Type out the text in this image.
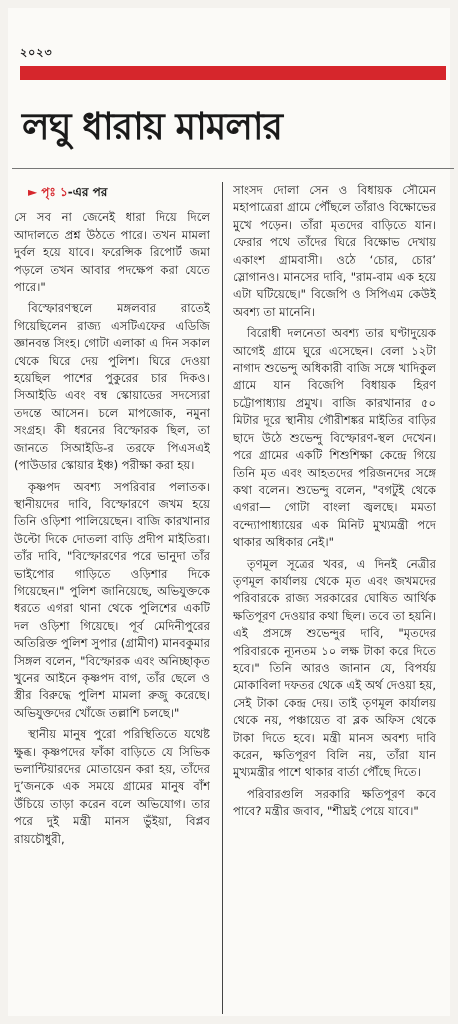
২০২৩
লঘু ধারায় মামলার
► পৃঃ ১-এর পর

সে সব না জেনেই ধারা দিয়ে দিলে আদালতে প্রশ্ন উঠতে পারে। তখন মামলা দুর্বল হয়ে যাবে। ফরেন্সিক রিপোর্ট জমা পড়লে তখন আবার পদক্ষেপ করা যেতে পারে।"

বিস্ফোরণস্থলে মঙ্গলবার রাতেই গিয়েছিলেন রাজ্য এসটিএফের এডিজি জ্ঞানবন্ত সিংহ। গোটা এলাকা এ দিন সকাল থেকে ঘিরে দেয় পুলিশ। ঘিরে দেওয়া হয়েছিল পাশের পুকুরের চার দিকও। সিআইডি এবং বম্ব স্কোয়াডের সদস্যেরা তদন্তে আসেন। চলে মাপজোক, নমুনা সংগ্রহ। কী ধরনের বিস্ফোরক ছিল, তা জানতে সিআইডি-র তরফে পিএসএই (পাউডার স্কোয়ার ইঞ্চ) পরীক্ষা করা হয়।

কৃষ্ণপদ অবশ্য সপরিবার পলাতক। স্থানীয়দের দাবি, বিস্ফোরণে জখম হয়ে তিনি ওড়িশা পালিয়েছেন। বাজি কারখানার উল্টো দিকে দোতলা বাড়ি প্রদীপ মাইতিরা। তাঁর দাবি, "বিস্ফোরণের পরে ভানুদা তাঁর ভাইপোর গাড়িতে ওড়িশার দিকে গিয়েছেন।" পুলিশ জানিয়েছে, অভিযুক্তকে ধরতে এগরা থানা থেকে পুলিশের একটি দল ওড়িশা গিয়েছে। পূর্ব মেদিনীপুরের অতিরিক্ত পুলিশ সুপার (গ্রামীণ) মানবকুমার সিঙ্গল বলেন, "বিস্ফোরক এবং অনিচ্ছাকৃত খুনের আইনে কৃষ্ণপদ বাগ, তাঁর ছেলে ও স্ত্রীর বিরুদ্ধে পুলিশ মামলা রুজু করেছে। অভিযুক্তদের খোঁজে তল্লাশি চলছে।"

স্থানীয় মানুষ পুরো পরিস্থিতিতে যথেষ্ট ক্ষুব্ধ। কৃষ্ণপদের ফাঁকা বাড়িতে যে সিভিক ভলান্টিয়ারদের মোতায়েন করা হয়, তাঁদের দু’জনকে এক সময়ে গ্রামের মানুষ বাঁশ উঁচিয়ে তাড়া করেন বলে অভিযোগ। তার পরে দুই মন্ত্রী মানস ভুঁইয়া, বিপ্লব রায়চৌধুরী,

সাংসদ দোলা সেন ও বিধায়ক সৌমেন মহাপাত্রেরা গ্রামে পৌঁছলে তাঁরাও বিক্ষোভের মুখে পড়েন। তাঁরা মৃতদের বাড়িতে যান। ফেরার পথে তাঁদের ঘিরে বিক্ষোভ দেখায় একাংশ গ্রামবাসী। ওঠে ‘চোর, চোর’ স্লোগানও। মানসের দাবি, "রাম-বাম এক হয়ে এটা ঘটিয়েছে।" বিজেপি ও সিপিএম কেউই অবশ্য তা মানেনি।

বিরোধী দলনেতা অবশ্য তার ঘণ্টাদুয়েক আগেই গ্রামে ঘুরে এসেছেন। বেলা ১২টা নাগাদ শুভেন্দু অধিকারী বাজি সঙ্গে খাদিকুল গ্রামে যান বিজেপি বিধায়ক হিরণ চট্টোপাধ্যায় প্রমুখ। বাজি কারখানার ৫০ মিটার দূরে স্থানীয় গৌরীশঙ্কর মাইতির বাড়ির ছাদে উঠে শুভেন্দু বিস্ফোরণ-স্থল দেখেন। পরে গ্রামের একটি শিশুশিক্ষা কেন্দ্রে গিয়ে তিনি মৃত এবং আহতদের পরিজনদের সঙ্গে কথা বলেন। শুভেন্দু বলেন, "বগটুই থেকে এগরা— গোটা বাংলা জ্বলছে। মমতা বন্দ্যোপাধ্যায়ের এক মিনিট মুখ্যমন্ত্রী পদে থাকার অধিকার নেই।"

তৃণমূল সূত্রের খবর, এ দিনই নেত্রীর তৃণমূল কার্যালয় থেকে মৃত এবং জখমদের পরিবারকে রাজ্য সরকারের ঘোষিত আর্থিক ক্ষতিপূরণ দেওয়ার কথা ছিল। তবে তা হয়নি। এই প্রসঙ্গে শুভেন্দুর দাবি, "মৃতদের পরিবারকে ন্যূনতম ১০ লক্ষ টাকা করে দিতে হবে।" তিনি আরও জানান যে, বিপর্যয় মোকাবিলা দফতর থেকে এই অর্থ দেওয়া হয়, সেই টাকা কেন্দ্র দেয়। তাই তৃণমূল কার্যালয় থেকে নয়, পঞ্চায়েত বা ব্লক অফিস থেকে টাকা দিতে হবে। মন্ত্রী মানস অবশ্য দাবি করেন, ক্ষতিপূরণ বিলি নয়, তাঁরা যান মুখ্যমন্ত্রীর পাশে থাকার বার্তা পৌঁছে দিতে।

পরিবারগুলি সরকারি ক্ষতিপূরণ কবে পাবে? মন্ত্রীর জবাব, "শীঘ্রই পেয়ে যাবে।"
